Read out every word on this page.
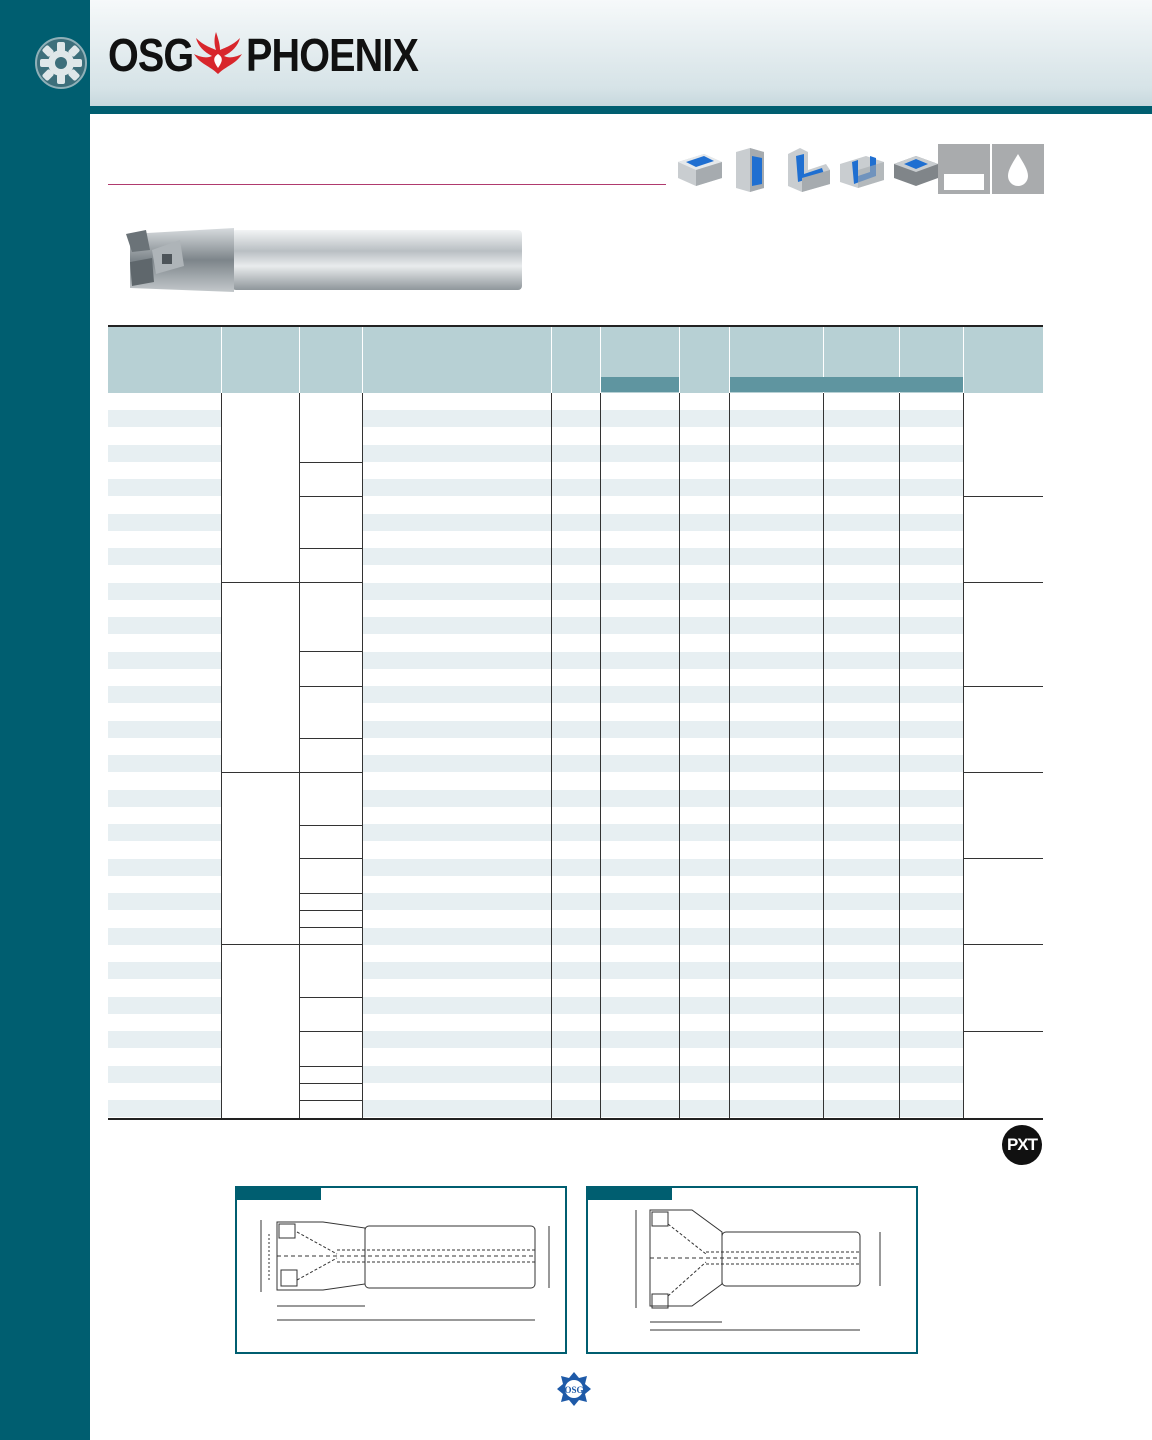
OSG PHOENIX
PXT
OSG
